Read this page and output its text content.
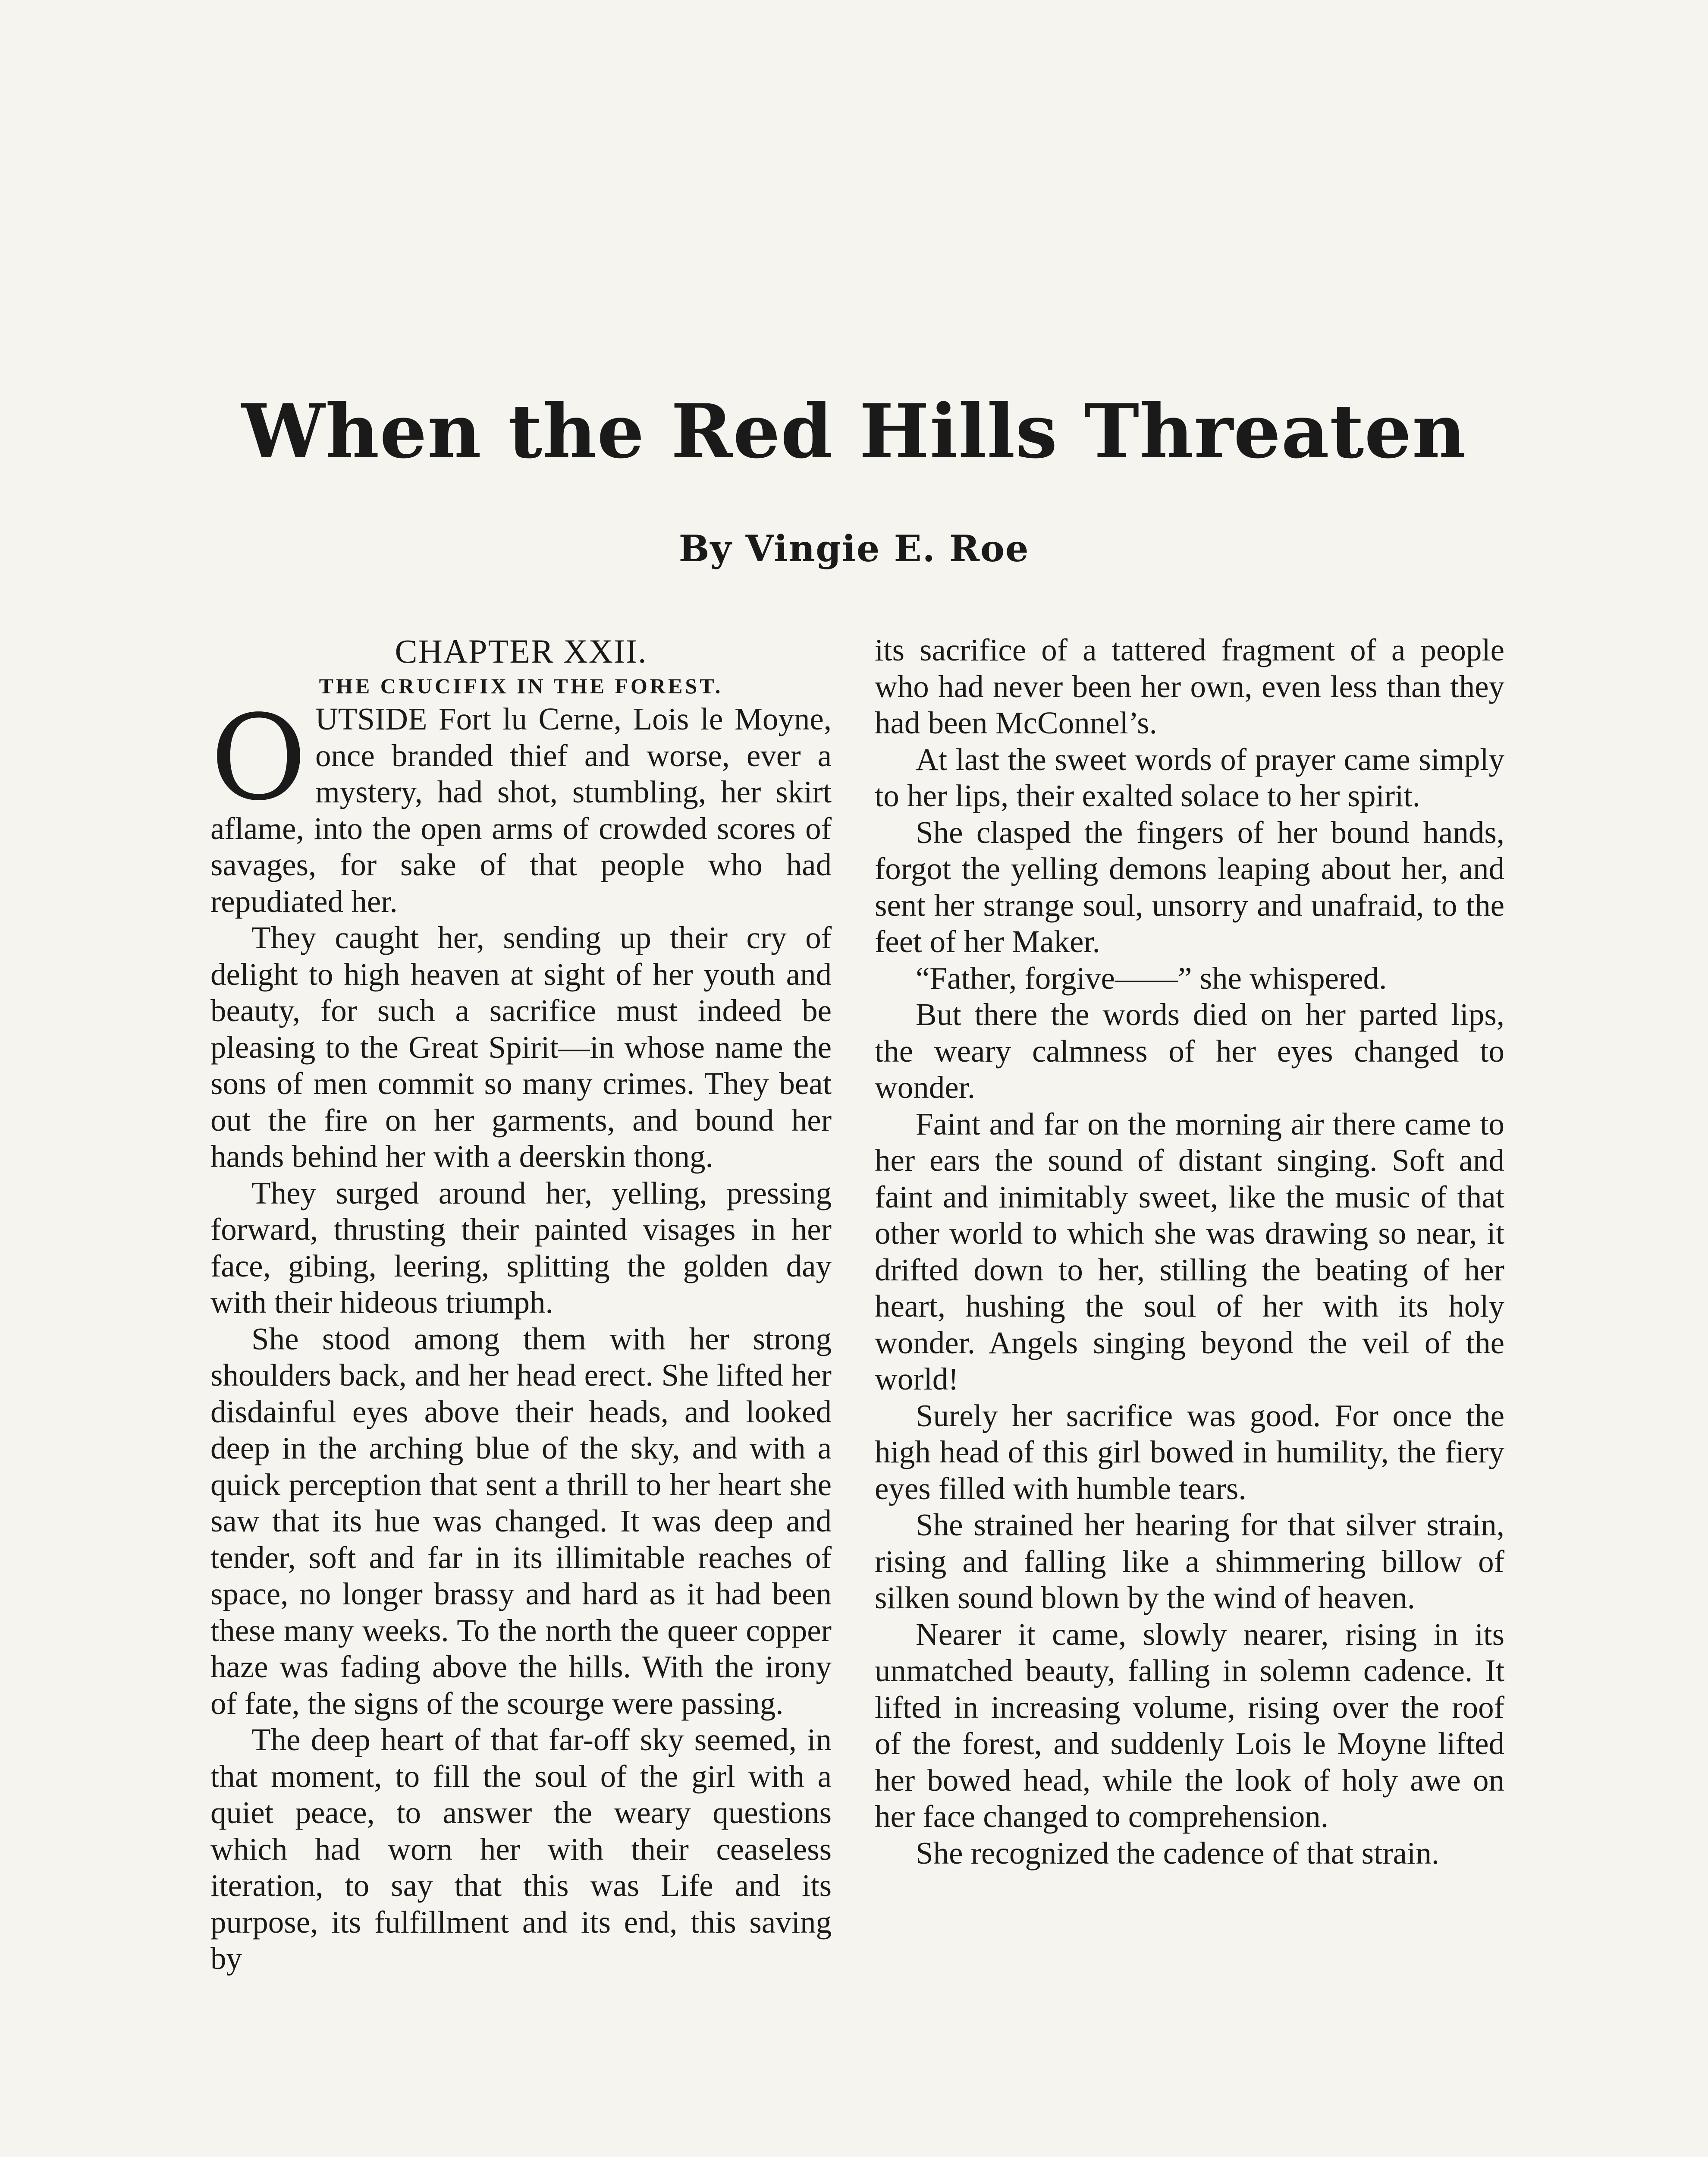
When the Red Hills Threaten

By Vingie E. Roe

CHAPTER XXII.

THE CRUCIFIX IN THE FOREST.

OUTSIDE Fort lu Cerne, Lois le Moyne, once branded thief and worse, ever a mystery, had shot, stumbling, her skirt aflame, into the open arms of crowded scores of savages, for sake of that people who had repudiated her.

They caught her, sending up their cry of delight to high heaven at sight of her youth and beauty, for such a sacrifice must indeed be pleasing to the Great Spirit—in whose name the sons of men commit so many crimes. They beat out the fire on her garments, and bound her hands behind her with a deerskin thong.

They surged around her, yelling, pressing forward, thrusting their painted visages in her face, gibing, leering, splitting the golden day with their hideous triumph.

She stood among them with her strong shoulders back, and her head erect. She lifted her disdainful eyes above their heads, and looked deep in the arching blue of the sky, and with a quick perception that sent a thrill to her heart she saw that its hue was changed. It was deep and tender, soft and far in its illimitable reaches of space, no longer brassy and hard as it had been these many weeks. To the north the queer copper haze was fading above the hills. With the irony of fate, the signs of the scourge were passing.

The deep heart of that far-off sky seemed, in that moment, to fill the soul of the girl with a quiet peace, to answer the weary questions which had worn her with their ceaseless iteration, to say that this was Life and its purpose, its fulfillment and its end, this saving by

its sacrifice of a tattered fragment of a people who had never been her own, even less than they had been McConnel’s.

At last the sweet words of prayer came simply to her lips, their exalted solace to her spirit.

She clasped the fingers of her bound hands, forgot the yelling demons leaping about her, and sent her strange soul, unsorry and unafraid, to the feet of her Maker.

“Father, forgive——” she whispered.

But there the words died on her parted lips, the weary calmness of her eyes changed to wonder.

Faint and far on the morning air there came to her ears the sound of distant singing. Soft and faint and inimitably sweet, like the music of that other world to which she was drawing so near, it drifted down to her, stilling the beating of her heart, hushing the soul of her with its holy wonder. Angels singing beyond the veil of the world!

Surely her sacrifice was good. For once the high head of this girl bowed in humility, the fiery eyes filled with humble tears.

She strained her hearing for that silver strain, rising and falling like a shimmering billow of silken sound blown by the wind of heaven.

Nearer it came, slowly nearer, rising in its unmatched beauty, falling in solemn cadence. It lifted in increasing volume, rising over the roof of the forest, and suddenly Lois le Moyne lifted her bowed head, while the look of holy awe on her face changed to comprehension.

She recognized the cadence of that strain.
